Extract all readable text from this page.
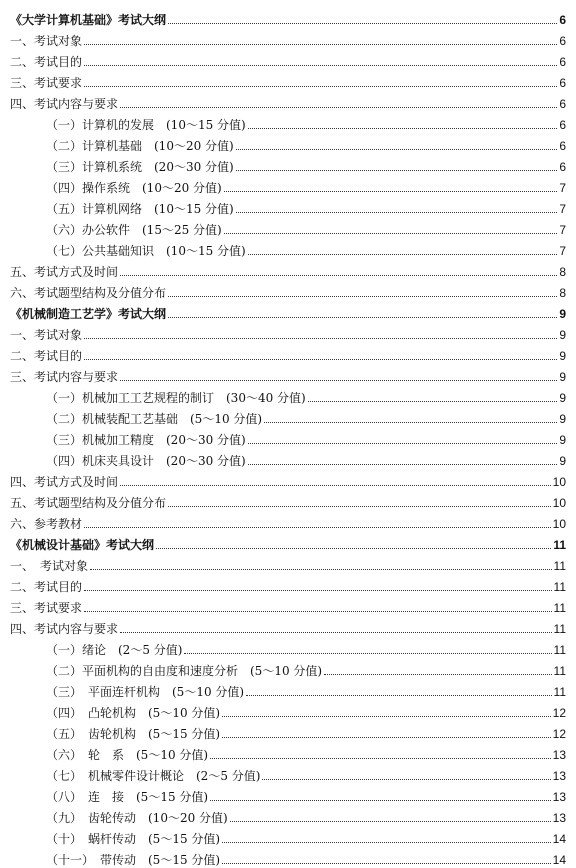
《大学计算机基础》考试大纲	6
一、考试对象	6
二、考试目的	6
三、考试要求	6
四、考试内容与要求	6
（一）计算机的发展　(10～15 分值)	6
（二）计算机基础　(10～20 分值)	6
（三）计算机系统　(20～30 分值)	6
（四）操作系统　(10～20 分值)	7
（五）计算机网络　(10～15 分值)	7
（六）办公软件　(15～25 分值)	7
（七）公共基础知识　(10～15 分值)	7
五、考试方式及时间	8
六、考试题型结构及分值分布	8
《机械制造工艺学》考试大纲	9
一、考试对象	9
二、考试目的	9
三、考试内容与要求	9
（一）机械加工工艺规程的制订　(30～40 分值)	9
（二）机械装配工艺基础　(5～10 分值)	9
（三）机械加工精度　(20～30 分值)	9
（四）机床夹具设计　(20～30 分值)	9
四、考试方式及时间	10
五、考试题型结构及分值分布	10
六、参考教材	10
《机械设计基础》考试大纲	11
一、　考试对象	11
二、考试目的	11
三、考试要求	11
四、考试内容与要求	11
（一）绪论　(2～5 分值)	11
（二）平面机构的自由度和速度分析　(5～10 分值)	11
（三）　平面连杆机构　(5～10 分值)	11
（四）　凸轮机构　(5～10 分值)	12
（五）　齿轮机构　(5～15 分值)	12
（六）　轮　系　(5～10 分值)	13
（七）　机械零件设计概论　(2～5 分值)	13
（八）　连　接　(5～15 分值)	13
（九）　齿轮传动　(10～20 分值)	13
（十）　蜗杆传动　(5～15 分值)	14
（十一）　带传动　(5～15 分值)	14
